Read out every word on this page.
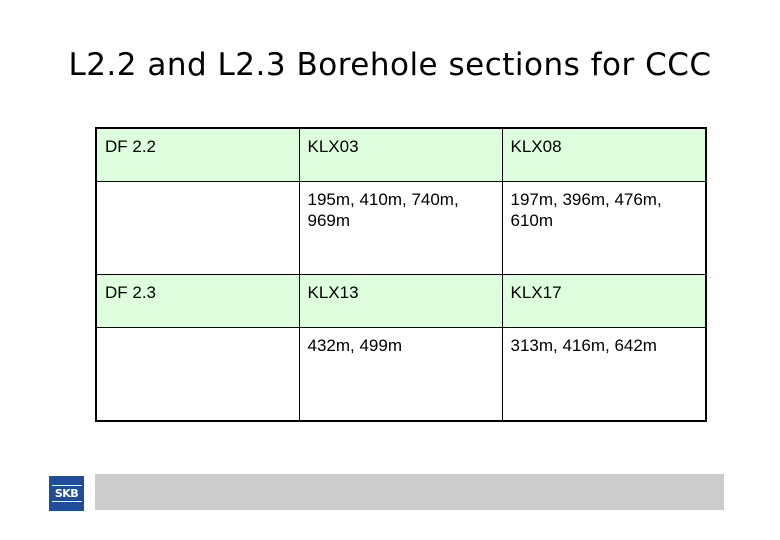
L2.2 and L2.3 Borehole sections for CCC
DF 2.2	KLX03	KLX08
	195m, 410m, 740m, 969m	197m, 396m, 476m, 610m
DF 2.3	KLX13	KLX17
	432m, 499m	313m, 416m, 642m
SKB
